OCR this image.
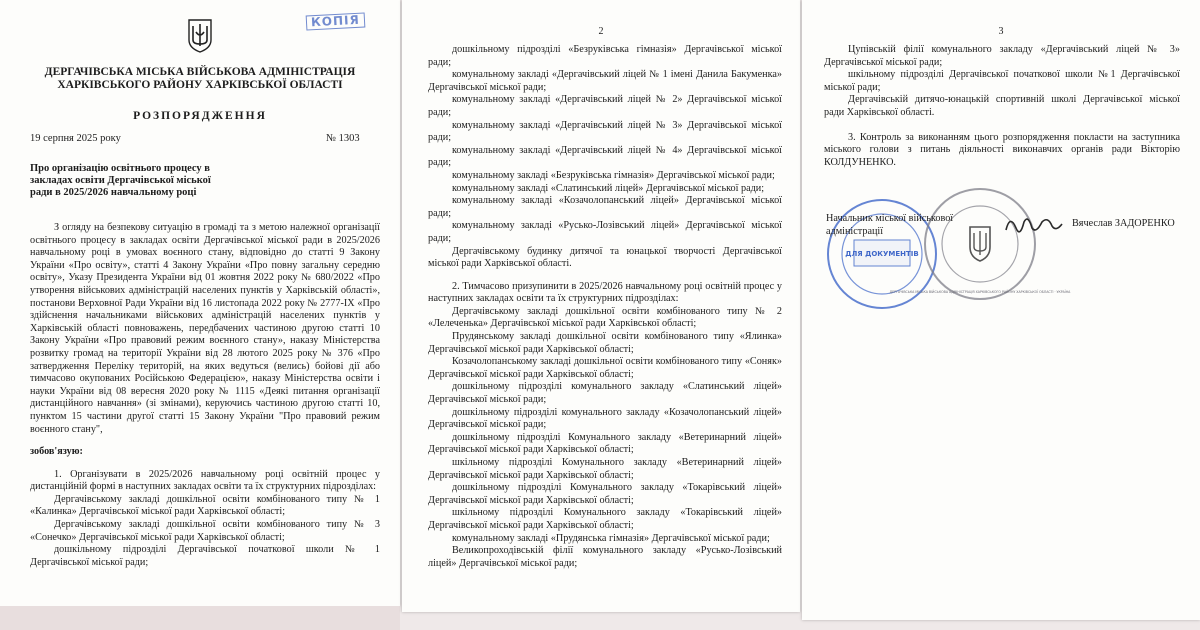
КОПІЯ
ДЕРГАЧІВСЬКА МІСЬКА ВІЙСЬКОВА АДМІНІСТРАЦІЯ
ХАРКІВСЬКОГО РАЙОНУ ХАРКІВСЬКОЇ ОБЛАСТІ
РОЗПОРЯДЖЕННЯ
19 серпня 2025 року	№ 1303
Про організацію освітнього процесу в закладах освіти Дергачівської міської ради в 2025/2026 навчальному році

З огляду на безпекову ситуацію в громаді та з метою належної організації освітнього процесу в закладах освіти Дергачівської міської ради в 2025/2026 навчальному році в умовах воєнного стану, відповідно до статті 9 Закону України «Про освіту», статті 4 Закону України «Про повну загальну середню освіту», Указу Президента України від 01 жовтня 2022 року № 680/2022 «Про утворення військових адміністрацій населених пунктів у Харківській області», постанови Верховної Ради України від 16 листопада 2022 року № 2777-IX «Про здійснення начальниками військових адміністрацій населених пунктів у Харківській області повноважень, передбачених частиною другою статті 10 Закону України «Про правовий режим воєнного стану», наказу Міністерства розвитку громад на території України від 28 лютого 2025 року № 376 «Про затвердження Переліку територій, на яких ведуться (велись) бойові дії або тимчасово окупованих Російською Федерацією», наказу Міністерства освіти і науки України від 08 вересня 2020 року № 1115 «Деякі питання організації дистанційного навчання» (зі змінами), керуючись частиною другою статті 10, пунктом 15 частини другої статті 15 Закону України "Про правовий режим воєнного стану",

зобов'язую:

1. Організувати в 2025/2026 навчальному році освітній процес у дистанційній формі в наступних закладах освіти та їх структурних підрозділах:

Дергачівському закладі дошкільної освіти комбінованого типу № 1 «Калинка» Дергачівської міської ради Харківської області;

Дергачівському закладі дошкільної освіти комбінованого типу № 3 «Сонечко» Дергачівської міської ради Харківської області;

дошкільному підрозділі Дергачівської початкової школи № 1 Дергачівської міської ради;

2

дошкільному підрозділі «Безруківська гімназія» Дергачівської міської ради;

комунальному закладі «Дергачівський ліцей № 1 імені Данила Бакуменка» Дергачівської міської ради;

комунальному закладі «Дергачівський ліцей № 2» Дергачівської міської ради;

комунальному закладі «Дергачівський ліцей № 3» Дергачівської міської ради;

комунальному закладі «Дергачівський ліцей № 4» Дергачівської міської ради;

комунальному закладі «Безруківська гімназія» Дергачівської міської ради;

комунальному закладі «Слатинський ліцей» Дергачівської міської ради;

комунальному закладі «Козачолопанський ліцей» Дергачівської міської ради;

комунальному закладі «Русько-Лозівський ліцей» Дергачівської міської ради;

Дергачівському будинку дитячої та юнацької творчості Дергачівської міської ради Харківської області.

2. Тимчасово призупинити в 2025/2026 навчальному році освітній процес у наступних закладах освіти та їх структурних підрозділах:

Дергачівському закладі дошкільної освіти комбінованого типу № 2 «Лелеченька» Дергачівської міської ради Харківської області;

Прудянському закладі дошкільної освіти комбінованого типу «Ялинка» Дергачівської міської ради Харківської області;

Козачолопанському закладі дошкільної освіти комбінованого типу «Соняк» Дергачівської міської ради Харківської області;

дошкільному підрозділі комунального закладу «Слатинський ліцей» Дергачівської міської ради;

дошкільному підрозділі комунального закладу «Козачолопанський ліцей» Дергачівської міської ради;

дошкільному підрозділі Комунального закладу «Ветеринарний ліцей» Дергачівської міської ради Харківської області;

шкільному підрозділі Комунального закладу «Ветеринарний ліцей» Дергачівської міської ради Харківської області;

дошкільному підрозділі Комунального закладу «Токарівський ліцей» Дергачівської міської ради Харківської області;

шкільному підрозділі Комунального закладу «Токарівський ліцей» Дергачівської міської ради Харківської області;

комунальному закладі «Прудянська гімназія» Дергачівської міської ради;

Великопроходівській філії комунального закладу «Русько-Лозівський ліцей» Дергачівської міської ради;

3

Цупівській філії комунального закладу «Дергачівський ліцей № 3» Дергачівської міської ради;

шкільному підрозділі Дергачівської початкової школи №1 Дергачівської міської ради;

Дергачівській дитячо-юнацькій спортивній школі Дергачівської міської ради Харківської області.

3. Контроль за виконанням цього розпорядження покласти на заступника міського голови з питань діяльності виконавчих органів ради Вікторію КОЛДУНЕНКО.

ДЛЯ ДОКУМЕНТІВ
ДЕРГАЧІВСЬКА МІСЬКА ВІЙСЬКОВА АДМІНІСТРАЦІЯ ХАРКІВСЬКОГО РАЙОНУ ХАРКІВСЬКОЇ ОБЛАСТІ · УКРАЇНА
Начальник міської військової адміністрації
Вячеслав ЗАДОРЕНКО
